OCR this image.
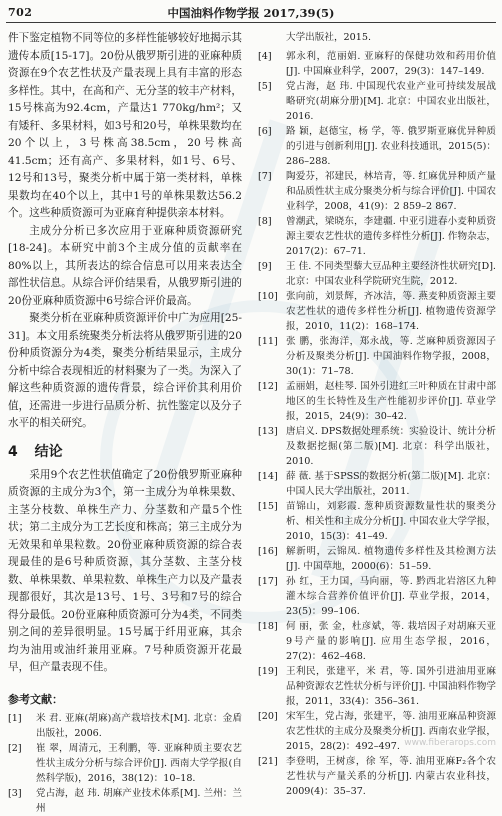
702	中国油料作物学报 2017,39(5)

件下鉴定植物不同等位的多样性能够较好地揭示其遗传本质[15-17]。20份从俄罗斯引进的亚麻种质资源在9个农艺性状及产量表现上具有丰富的形态多样性。其中，在高和产、无分茎的较丰产材料，15号株高为92.4cm，产量达1 770kg/hm²；又有矮秆、多果材料，如3号和20号，单株果数均在20个以上，3号株高38.5cm，20号株高41.5cm；还有高产、多果材料，如1号、6号、12号和13号，聚类分析中属于第一类材料，单株果数均在40个以上，其中1号的单株果数达56.2个。这些种质资源可为亚麻育种提供亲本材料。

主成分分析已多次应用于亚麻种质资源研究[18-24]。本研究中前3个主成分值的贡献率在80%以上，其所表达的综合信息可以用来表达全部性状信息。从综合评价结果看，从俄罗斯引进的20份亚麻种质资源中6号综合评价最高。

聚类分析在亚麻种质资源评价中广为应用[25-31]。本文用系统聚类分析法将从俄罗斯引进的20份种质资源分为4类，聚类分析结果显示，主成分分析中综合表现相近的材料聚为了一类。为深入了解这些种质资源的遗传背景，综合评价其利用价值，还需进一步进行品质分析、抗性鉴定以及分子水平的相关研究。

4 结论

采用9个农艺性状值确定了20份俄罗斯亚麻种质资源的主成分为3个，第一主成分为单株果数、主茎分枝数、单株生产力、分茎数和产量5个性状；第二主成分为工艺长度和株高；第三主成分为无效果和单果粒数。20份亚麻种质资源的综合表现最佳的是6号种质资源，其分茎数、主茎分枝数、单株果数、单果粒数、单株生产力以及产量表现都很好，其次是13号、1号、3号和7号的综合得分最低。20份亚麻种质资源可分为4类，不同类别之间的差异很明显。15号属于纤用亚麻，其余均为油用或油纤兼用亚麻。7号种质资源开花最早，但产量表现不佳。

参考文献：
[1] 米 君. 亚麻(胡麻)高产栽培技术[M]. 北京：金盾出版社，2006.
[2] 崔 翠，周清元，王利鹏，等. 亚麻种质主要农艺性状主成分分析与综合评价[J]. 西南大学学报(自然科学版)，2016，38(12)：10–18.
[3] 党占海，赵 玮. 胡麻产业技术体系[M]. 兰州：兰州
大学出版社，2015.
[4] 郭永利，范丽娟. 亚麻籽的保健功效和药用价值[J]. 中国麻业科学，2007，29(3)：147–149.
[5] 党占海，赵 玮. 中国现代农业产业可持续发展战略研究(胡麻分册)[M]. 北京：中国农业出版社，2016.
[6] 路 颖，赵德宝，杨 学，等. 俄罗斯亚麻优异种质的引进与创新利用[J]. 农业科技通讯，2015(5)：286–288.
[7] 陶爱芬，祁建民，林培青，等. 红麻优异种质产量和品质性状主成分聚类分析与综合评价[J]. 中国农业科学，2008，41(9)：2 859–2 867.
[8] 曾潮武，梁晓东，李建疆. 中亚引进春小麦种质资源主要农艺性状的遗传多样性分析[J]. 作物杂志，2017(2)：67–71.
[9] 王 佳. 不同类型藜大豆品种主要经济性状研究[D]. 北京：中国农业科学院研究生院，2012.
[10] 张向前，刘景辉，齐冰洁，等. 燕麦种质资源主要农艺性状的遗传多样性分析[J]. 植物遗传资源学报，2010，11(2)：168–174.
[11] 张 鹏，张海洋，郑永战，等. 芝麻种质资源因子分析及聚类分析[J]. 中国油料作物学报，2008，30(1)：71–78.
[12] 孟丽娟，赵桂琴. 国外引进红三叶种质在甘肃中部地区的生长特性及生产性能初步评价[J]. 草业学报，2015，24(9)：30–42.
[13] 唐启义. DPS数据处理系统：实验设计、统计分析及数据挖掘(第二版)[M]. 北京：科学出版社，2010.
[14] 薛 薇. 基于SPSS的数据分析(第二版)[M]. 北京：中国人民大学出版社，2011.
[15] 苗锦山，刘彩霞. 葱种质资源数量性状的聚类分析、相关性和主成分分析[J]. 中国农业大学学报，2010，15(3)：41–49.
[16] 解新明，云锦凤. 植物遗传多样性及其检测方法[J]. 中国草地，2000(6)：51–59.
[17] 孙 红，王力国，马向丽，等. 黔西北岩溶区九种灌木综合营养价值评价[J]. 草业学报，2014，23(5)：99–106.
[18] 何 丽，张 金，杜彦斌，等. 栽培因子对胡麻天亚9号产量的影响[J]. 应用生态学报，2016，27(2)：462–468.
[19] 王利民，张建平，米 君，等. 国外引进油用亚麻品种资源农艺性状分析与评价[J]. 中国油料作物学报，2011，33(4)：356–361.
[20] 宋军生，党占海，张建平，等. 油用亚麻品种资源农艺性状的主成分及聚类分析[J]. 西南农业学报，2015，28(2)：492–497.
[21] 李登明，王树彦，徐 军，等. 油用亚麻F₂各个农艺性状与产量关系的分析[J]. 内蒙古农业科技，2009(4)：35–37.
www.fiberarops.com
